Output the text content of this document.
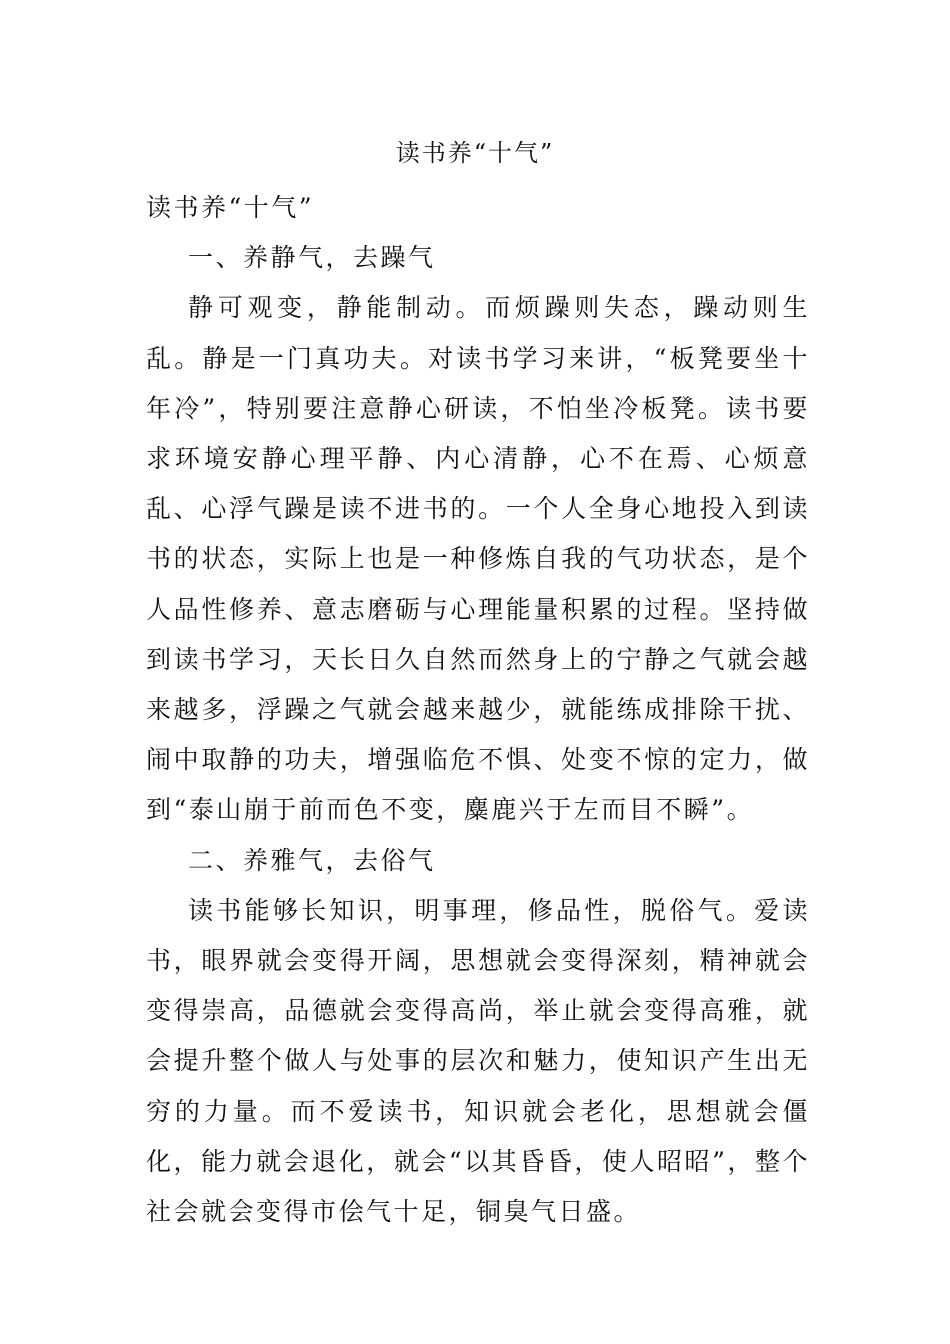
读书养“十气”

读书养“十气”

一、养静气，去躁气

静可观变，静能制动。而烦躁则失态，躁动则生乱。静是一门真功夫。对读书学习来讲，“板凳要坐十年冷”，特别要注意静心研读，不怕坐冷板凳。读书要求环境安静心理平静、内心清静，心不在焉、心烦意乱、心浮气躁是读不进书的。一个人全身心地投入到读书的状态，实际上也是一种修炼自我的气功状态，是个人品性修养、意志磨砺与心理能量积累的过程。坚持做到读书学习，天长日久自然而然身上的宁静之气就会越来越多，浮躁之气就会越来越少，就能练成排除干扰、闹中取静的功夫，增强临危不惧、处变不惊的定力，做到“泰山崩于前而色不变，麋鹿兴于左而目不瞬”。

二、养雅气，去俗气

读书能够长知识，明事理，修品性，脱俗气。爱读书，眼界就会变得开阔，思想就会变得深刻，精神就会变得崇高，品德就会变得高尚，举止就会变得高雅，就会提升整个做人与处事的层次和魅力，使知识产生出无穷的力量。而不爱读书，知识就会老化，思想就会僵化，能力就会退化，就会“以其昏昏，使人昭昭”，整个社会就会变得市侩气十足，铜臭气日盛。
